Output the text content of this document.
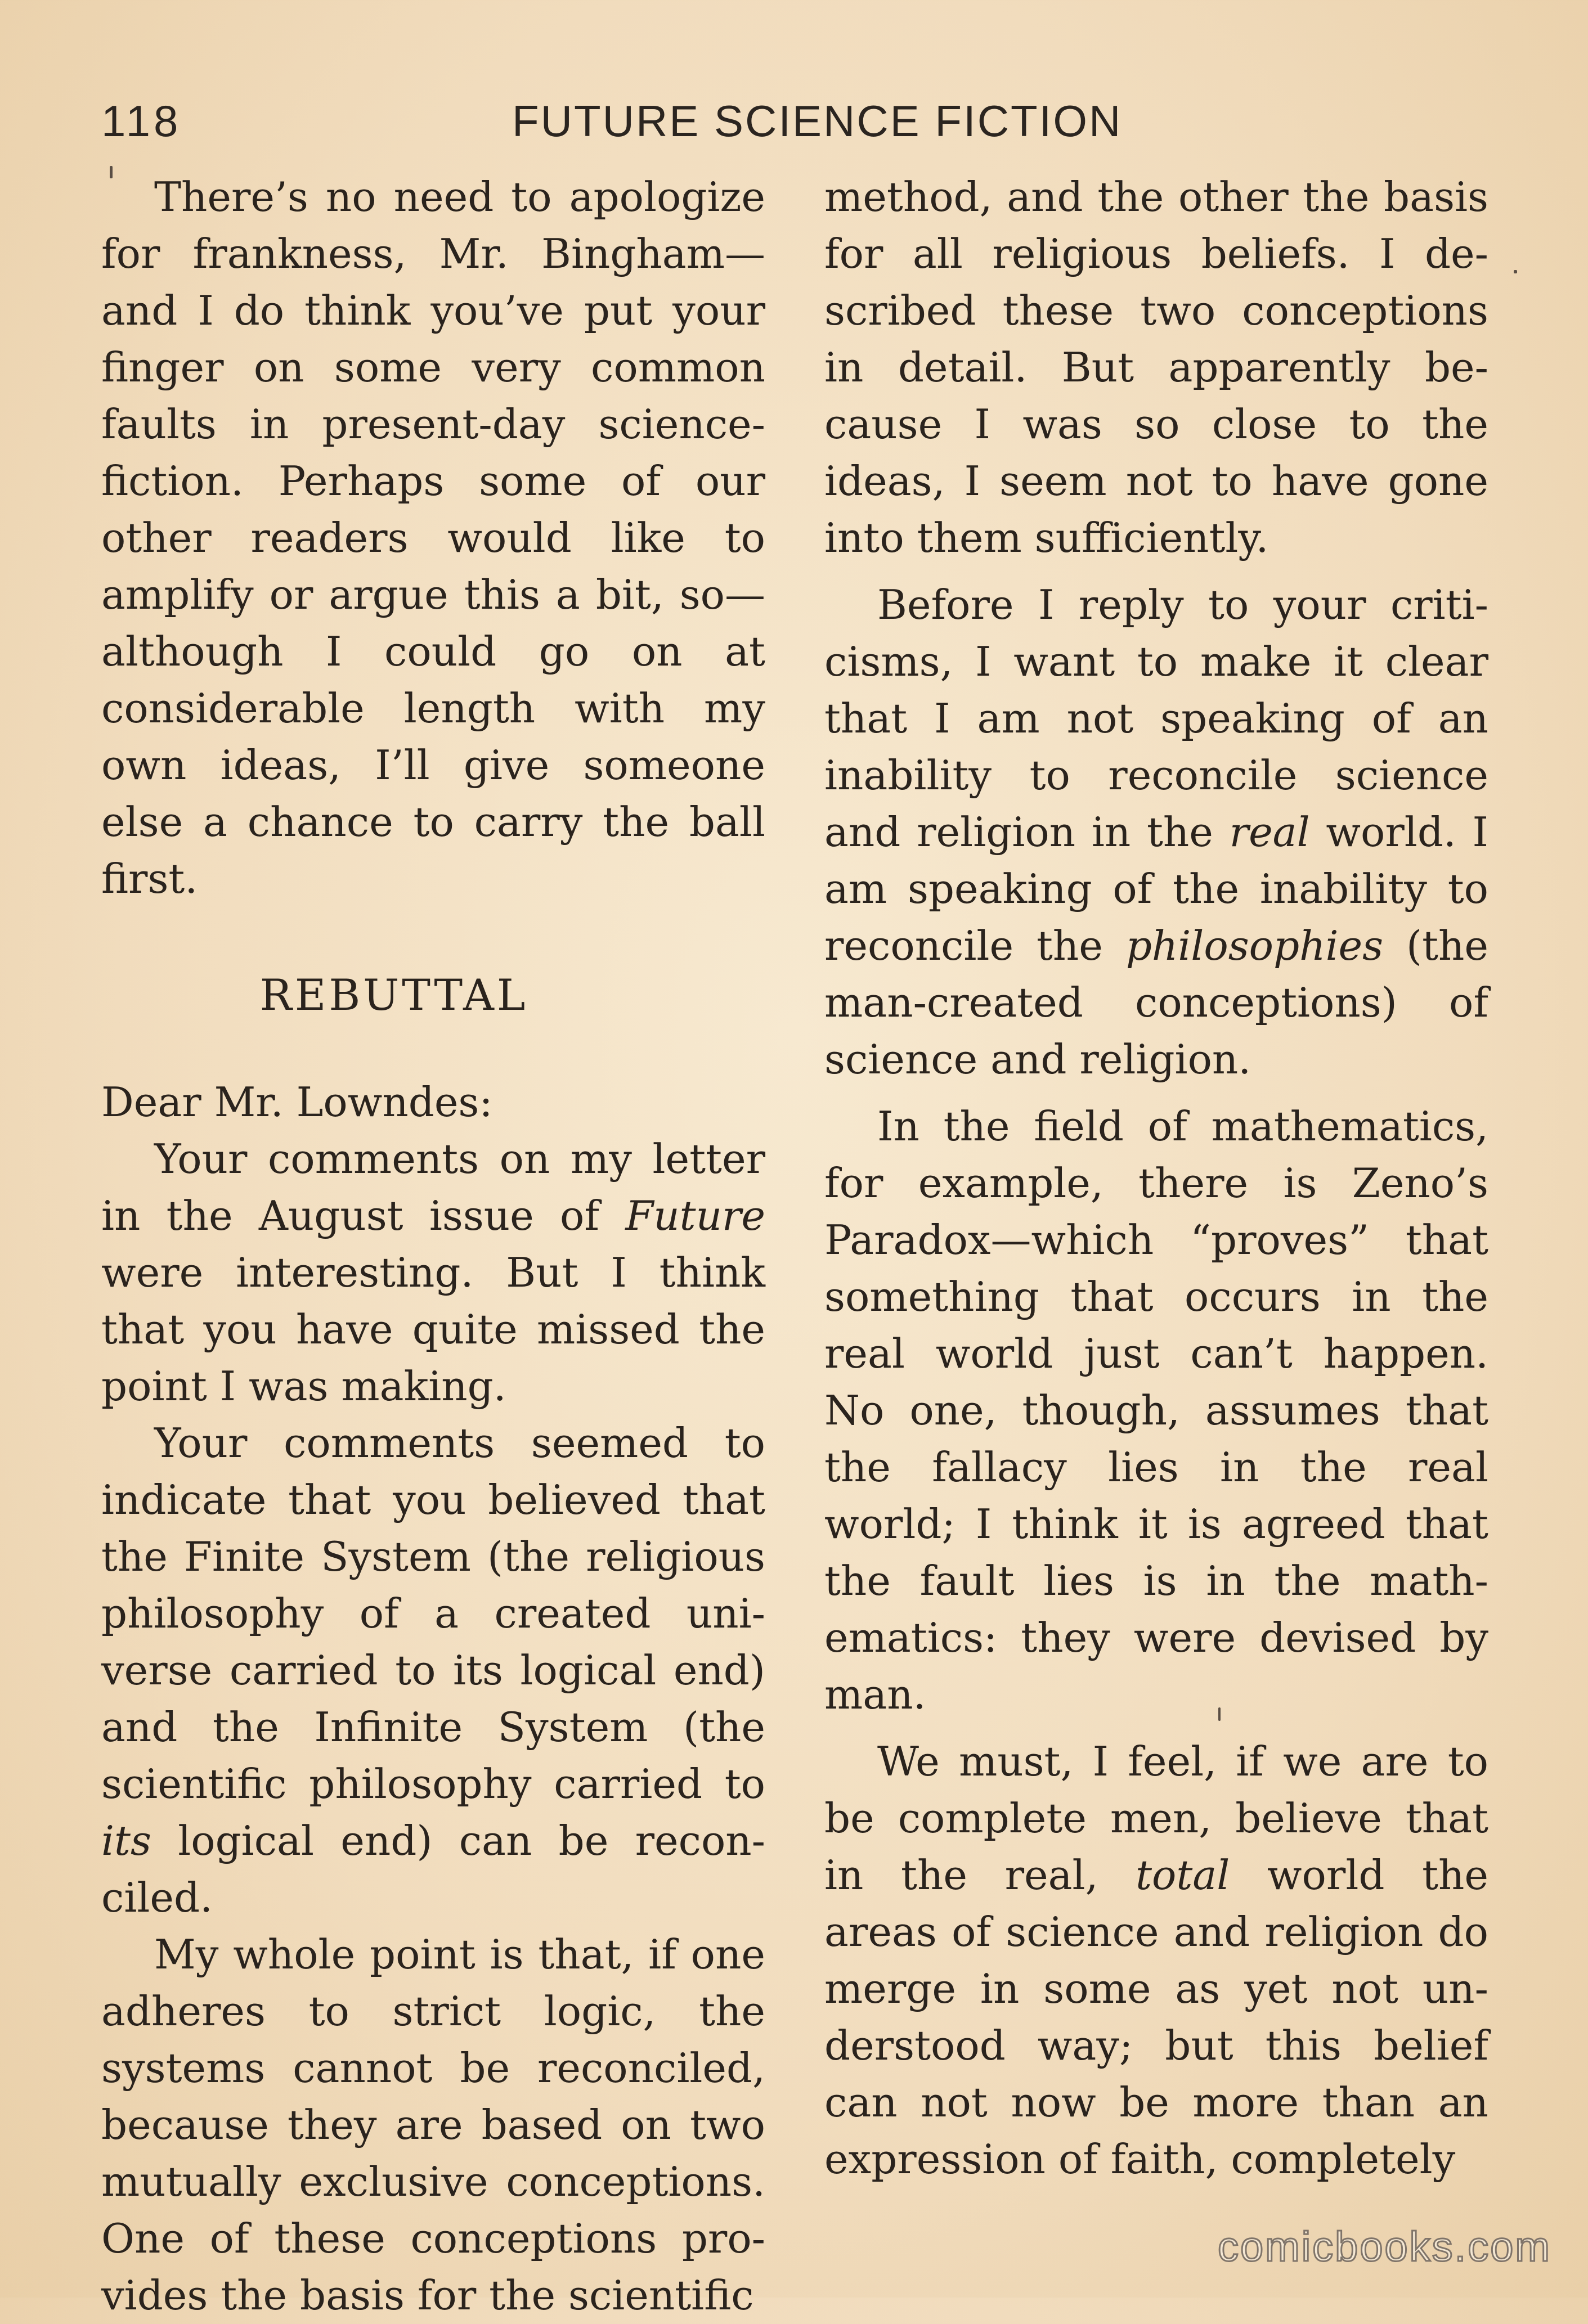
118	FUTURE SCIENCE FICTION

There’s no need to apologize for frankness, Mr. Bingham—and I do think you’ve put your finger on some very common faults in present-day science-fiction. Perhaps some of our other readers would like to amplify or argue this a bit, so—although I could go on at considerable length with my own ideas, I’ll give someone else a chance to carry the ball first.

REBUTTAL

Dear Mr. Lowndes:

Your comments on my letter in the August issue of Future were interesting. But I think that you have quite missed the point I was making.

Your comments seemed to indicate that you believed that the Finite System (the religious philosophy of a created universe carried to its logical end) and the Infinite System (the scientific philosophy carried to its logical end) can be reconciled.

My whole point is that, if one adheres to strict logic, the systems cannot be reconciled, because they are based on two mutually exclusive conceptions. One of these conceptions provides the basis for the scientific

method, and the other the basis for all religious beliefs. I described these two conceptions in detail. But apparently because I was so close to the ideas, I seem not to have gone into them sufficiently.

Before I reply to your criticisms, I want to make it clear that I am not speaking of an inability to reconcile science and religion in the real world. I am speaking of the inability to reconcile the philosophies (the man-created conceptions) of science and religion.

In the field of mathematics, for example, there is Zeno’s Paradox—which “proves” that something that occurs in the real world just can’t happen. No one, though, assumes that the fallacy lies in the real world; I think it is agreed that the fault lies is in the mathematics: they were devised by man.

We must, I feel, if we are to be complete men, believe that in the real, total world the areas of science and religion do merge in some as yet not understood way; but this belief can not now be more than an expression of faith, completely

comicbooks.com
